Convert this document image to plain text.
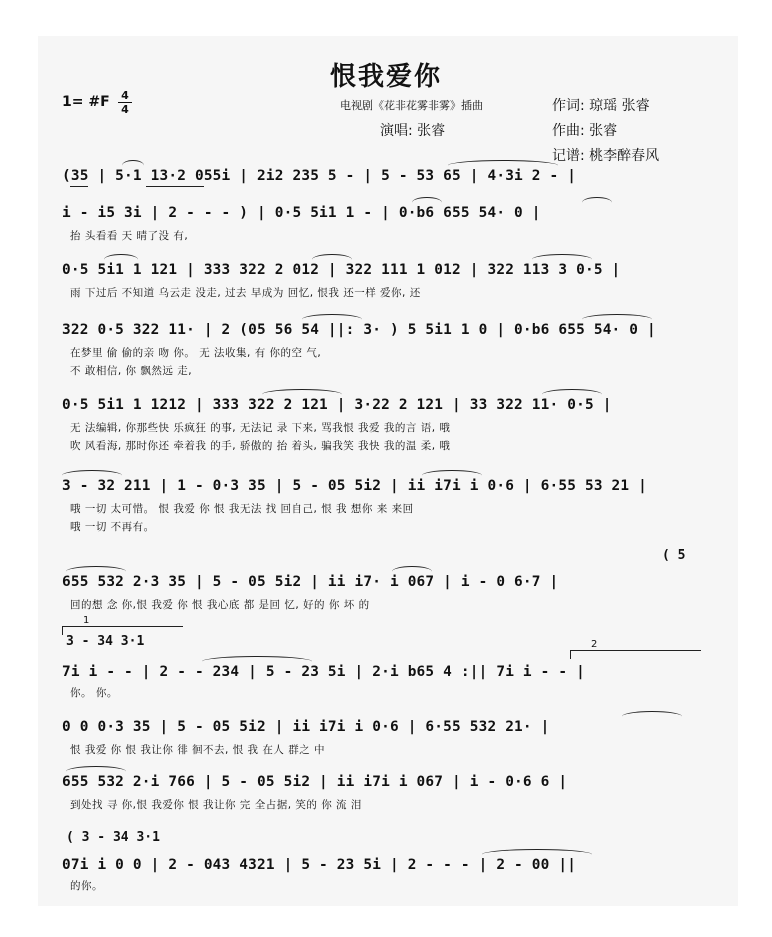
恨我爱你
1= #F 4
4	电视剧《花非花雾非雾》插曲	作词: 琼瑶 张睿
演唱: 张睿	作曲: 张睿
记谱: 桃李醉春风
(35 | 5·1 13·2 055i | 2i2 235 5 - | 5 - 53 65 | 4·3i 2 - |
i - i5 3i | 2 - - - ) | 0·5 5i1 1 - | 0·b6 655 54· 0 |
抬 头看看 天 晴了没 有,
0·5 5i1 1 121 | 333 322 2 012 | 322 111 1 012 | 322 113 3 0·5 |
雨 下过后 不知道 乌云走 没走, 过去 早成为 回忆, 恨我 还一样 爱你, 还
322 0·5 322 11· | 2 (05 56 54 ||: 3· ) 5 5i1 1 0 | 0·b6 655 54· 0 |
在梦里 偷 偷的亲 吻 你。 无 法收集, 有 你的空 气,
不 敢相信, 你 飘然远 走,
0·5 5i1 1 1212 | 333 322 2 121 | 3·22 2 121 | 33 322 11· 0·5 |
无 法编辑, 你那些快 乐疯狂 的事, 无法记 录 下来, 骂我恨 我爱 我的言 语, 哦
吹 风看海, 那时你还 牵着我 的手, 骄傲的 抬 着头, 骗我笑 我快 我的温 柔, 哦
3 - 32 211 | 1 - 0·3 35 | 5 - 05 5i2 | ii i7i i 0·6 | 6·55 53 21 |
哦 一切 太可惜。 恨 我爱 你 恨 我无法 找 回自己, 恨 我 想你 来 来回
哦 一切 不再有。
( 5
655 532 2·3 35 | 5 - 05 5i2 | ii i7· i 067 | i - 0 6·7 |
回的想 念 你,恨 我爱 你 恨 我心底 都 是回 忆, 好的 你 坏 的
1
3 - 34 3·1	2
7i i - - | 2 - - 234 | 5 - 23 5i | 2·i b65 4 :|| 7i i - - |
你。 你。
0 0 0·3 35 | 5 - 05 5i2 | ii i7i i 0·6 | 6·55 532 21· |
恨 我爱 你 恨 我让你 徘 徊不去, 恨 我 在人 群之 中
655 532 2·i 766 | 5 - 05 5i2 | ii i7i i 067 | i - 0·6 6 |
到处找 寻 你,恨 我爱你 恨 我让你 完 全占据, 笑的 你 流 泪
( 3 - 34 3·1
07i i 0 0 | 2 - 043 4321 | 5 - 23 5i | 2 - - - | 2 - 00 ||
的你。
